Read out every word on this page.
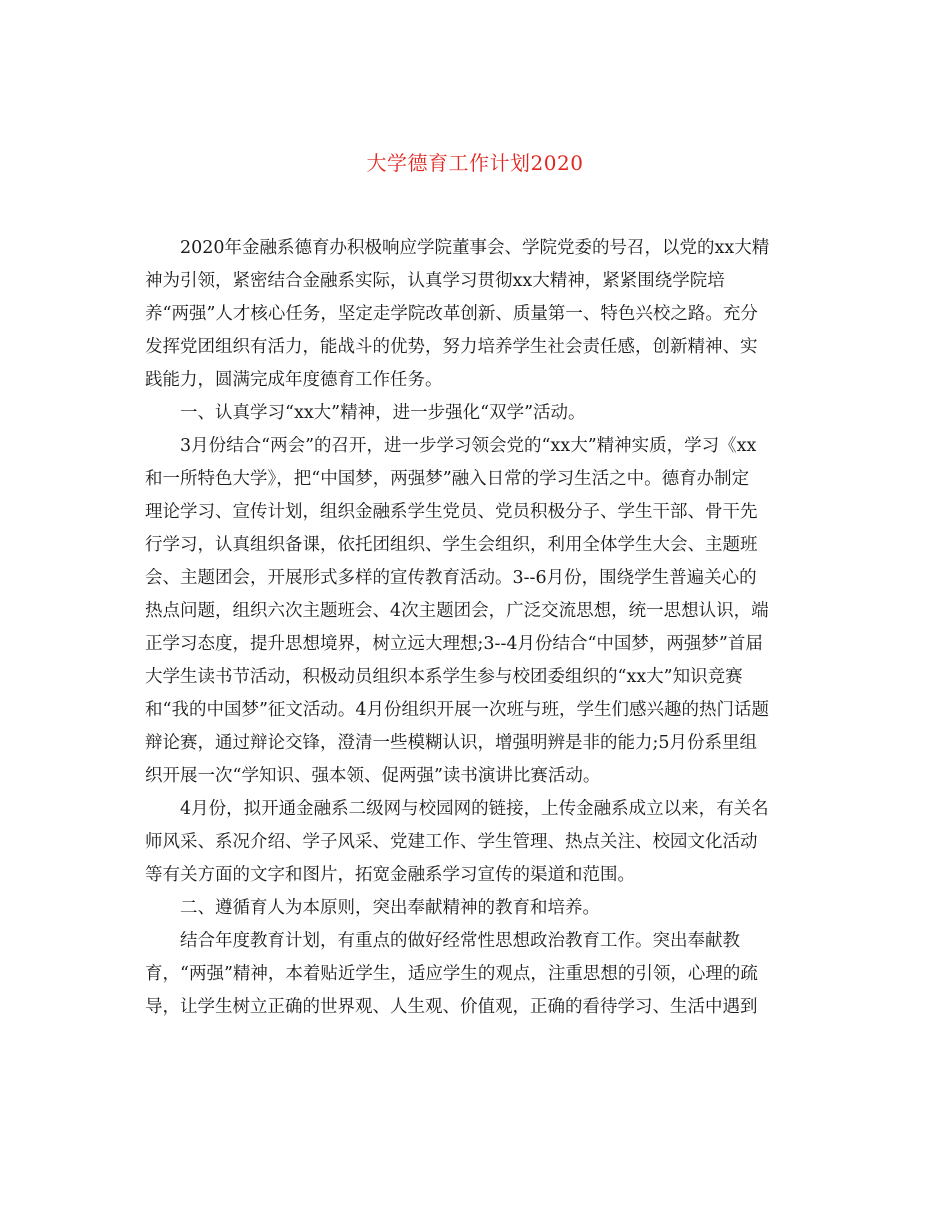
大学德育工作计划2020
2020年金融系德育办积极响应学院董事会、学院党委的号召，以党的xx大精
神为引领，紧密结合金融系实际，认真学习贯彻xx大精神，紧紧围绕学院培
养“两强”人才核心任务，坚定走学院改革创新、质量第一、特色兴校之路。充分
发挥党团组织有活力，能战斗的优势，努力培养学生社会责任感，创新精神、实
践能力，圆满完成年度德育工作任务。
一、认真学习“xx大”精神，进一步强化“双学”活动。
3月份结合“两会”的召开，进一步学习领会党的“xx大”精神实质，学习《xx
和一所特色大学》，把“中国梦，两强梦”融入日常的学习生活之中。德育办制定
理论学习、宣传计划，组织金融系学生党员、党员积极分子、学生干部、骨干先
行学习，认真组织备课，依托团组织、学生会组织，利用全体学生大会、主题班
会、主题团会，开展形式多样的宣传教育活动。3--6月份，围绕学生普遍关心的
热点问题，组织六次主题班会、4次主题团会，广泛交流思想，统一思想认识，端
正学习态度，提升思想境界，树立远大理想;3--4月份结合“中国梦，两强梦”首届
大学生读书节活动，积极动员组织本系学生参与校团委组织的“xx大”知识竞赛
和“我的中国梦”征文活动。4月份组织开展一次班与班，学生们感兴趣的热门话题
辩论赛，通过辩论交锋，澄清一些模糊认识，增强明辨是非的能力;5月份系里组
织开展一次“学知识、强本领、促两强”读书演讲比赛活动。
4月份，拟开通金融系二级网与校园网的链接，上传金融系成立以来，有关名
师风采、系况介绍、学子风采、党建工作、学生管理、热点关注、校园文化活动
等有关方面的文字和图片，拓宽金融系学习宣传的渠道和范围。
二、遵循育人为本原则，突出奉献精神的教育和培养。
结合年度教育计划，有重点的做好经常性思想政治教育工作。突出奉献教
育，“两强”精神，本着贴近学生，适应学生的观点，注重思想的引领，心理的疏
导，让学生树立正确的世界观、人生观、价值观，正确的看待学习、生活中遇到
